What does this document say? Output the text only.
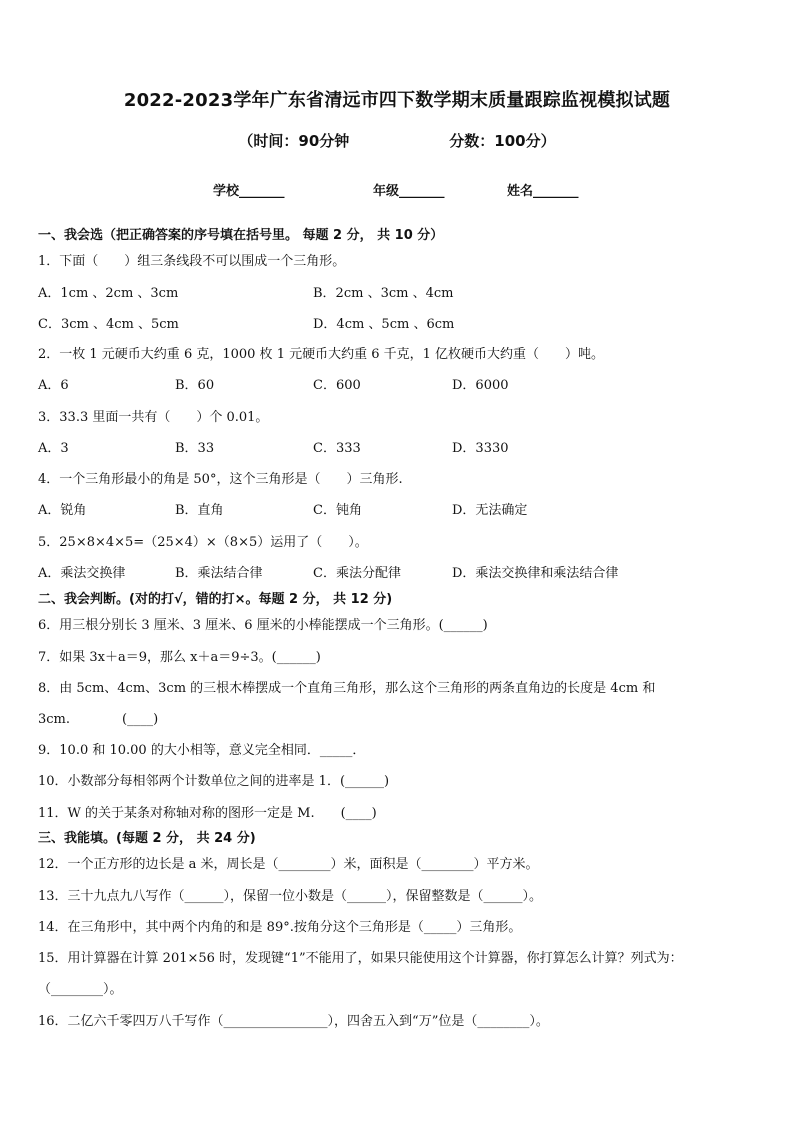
2022-2023学年广东省清远市四下数学期末质量跟踪监视模拟试题
（时间：90分钟	分数：100分）
学校_______	年级_______	姓名_______
一、我会选（把正确答案的序号填在括号里。 每题 2 分， 共 10 分）
1．下面（　　）组三条线段不可以围成一个三角形。
A．1cm 、2cm 、3cm	B．2cm 、3cm 、4cm
C．3cm 、4cm 、5cm	D．4cm 、5cm 、6cm
2．一枚 1 元硬币大约重 6 克，1000 枚 1 元硬币大约重 6 千克，1 亿枚硬币大约重（　　）吨。
A．6	B．60	C．600	D．6000
3．33.3 里面一共有（　　）个 0.01。
A．3	B．33	C．333	D．3330
4．一个三角形最小的角是 50°，这个三角形是（　　）三角形.
A．锐角	B．直角	C．钝角	D．无法确定
5．25×8×4×5=（25×4）×（8×5）运用了（　　）。
A．乘法交换律	B．乘法结合律	C．乘法分配律	D．乘法交换律和乘法结合律
二、我会判断。(对的打√，错的打×。每题 2 分， 共 12 分)
6．用三根分别长 3 厘米、3 厘米、6 厘米的小棒能摆成一个三角形。(______)
7．如果 3x＋a＝9，那么 x＋a＝9÷3。(______)
8．由 5cm、4cm、3cm 的三根木棒摆成一个直角三角形，那么这个三角形的两条直角边的长度是 4cm 和
3cm.　　　　(____)
9．10.0 和 10.00 的大小相等，意义完全相同．_____．
10．小数部分每相邻两个计数单位之间的进率是 1．(______)
11．W 的关于某条对称轴对称的图形一定是 M.　　(____)
三、我能填。(每题 2 分， 共 24 分)
12．一个正方形的边长是 a 米，周长是（________）米，面积是（________）平方米。
13．三十九点九八写作（______），保留一位小数是（______），保留整数是（______）。
14．在三角形中，其中两个内角的和是 89°.按角分这个三角形是（_____）三角形。
15．用计算器在计算 201×56 时，发现键“1”不能用了，如果只能使用这个计算器，你打算怎么计算？列式为：
（________）。
16．二亿六千零四万八千写作（________________），四舍五入到“万”位是（________）。
